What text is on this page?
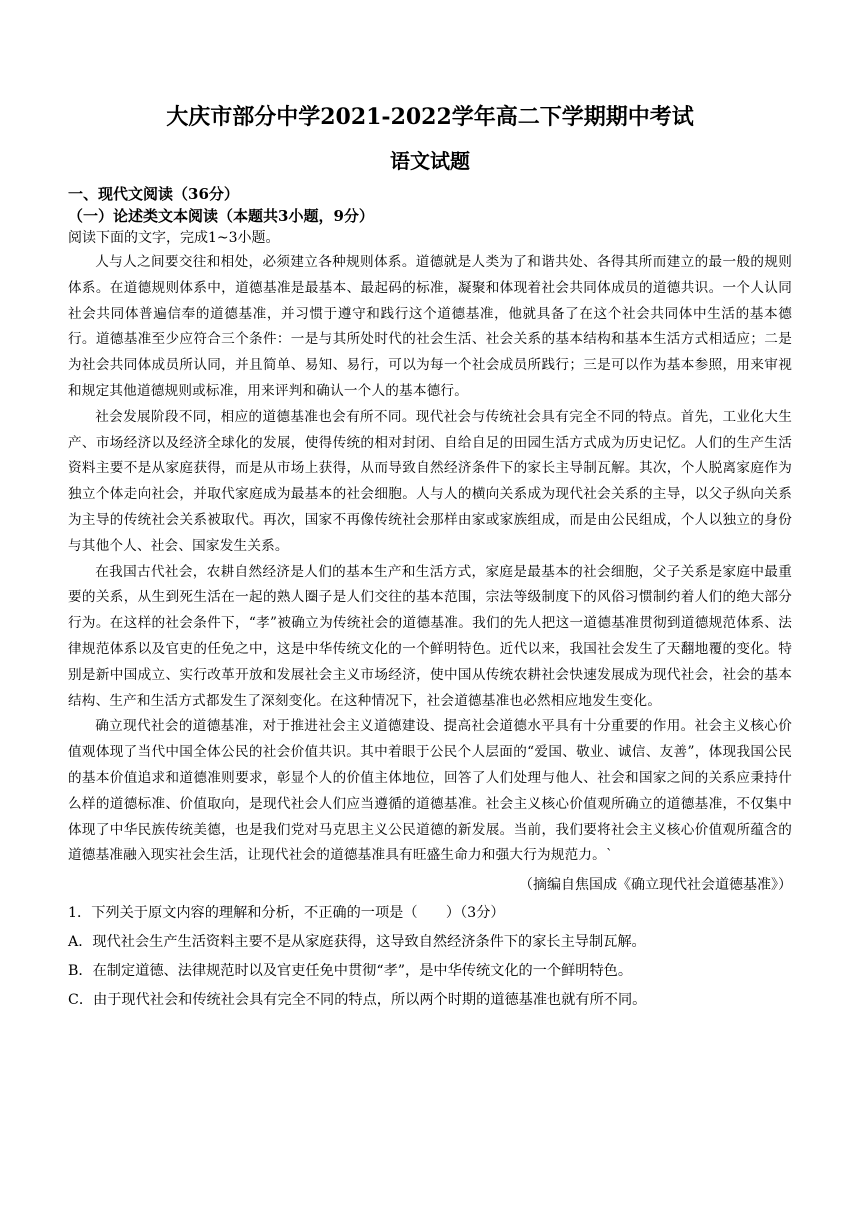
大庆市部分中学2021-2022学年高二下学期期中考试
语文试题

一、现代文阅读（36分）

（一）论述类文本阅读（本题共3小题，9分）

阅读下面的文字，完成1~3小题。

人与人之间要交往和相处，必须建立各种规则体系。道德就是人类为了和谐共处、各得其所而建立的最一般的规则体系。在道德规则体系中，道德基准是最基本、最起码的标准，凝聚和体现着社会共同体成员的道德共识。一个人认同社会共同体普遍信奉的道德基准，并习惯于遵守和践行这个道德基准，他就具备了在这个社会共同体中生活的基本德行。道德基准至少应符合三个条件：一是与其所处时代的社会生活、社会关系的基本结构和基本生活方式相适应；二是为社会共同体成员所认同，并且简单、易知、易行，可以为每一个社会成员所践行；三是可以作为基本参照，用来审视和规定其他道德规则或标准，用来评判和确认一个人的基本德行。

社会发展阶段不同，相应的道德基准也会有所不同。现代社会与传统社会具有完全不同的特点。首先，工业化大生产、市场经济以及经济全球化的发展，使得传统的相对封闭、自给自足的田园生活方式成为历史记忆。人们的生产生活资料主要不是从家庭获得，而是从市场上获得，从而导致自然经济条件下的家长主导制瓦解。其次，个人脱离家庭作为独立个体走向社会，并取代家庭成为最基本的社会细胞。人与人的横向关系成为现代社会关系的主导，以父子纵向关系为主导的传统社会关系被取代。再次，国家不再像传统社会那样由家或家族组成，而是由公民组成，个人以独立的身份与其他个人、社会、国家发生关系。

在我国古代社会，农耕自然经济是人们的基本生产和生活方式，家庭是最基本的社会细胞，父子关系是家庭中最重要的关系，从生到死生活在一起的熟人圈子是人们交往的基本范围，宗法等级制度下的风俗习惯制约着人们的绝大部分行为。在这样的社会条件下，“孝”被确立为传统社会的道德基准。我们的先人把这一道德基准贯彻到道德规范体系、法律规范体系以及官吏的任免之中，这是中华传统文化的一个鲜明特色。近代以来，我国社会发生了天翻地覆的变化。特别是新中国成立、实行改革开放和发展社会主义市场经济，使中国从传统农耕社会快速发展成为现代社会，社会的基本结构、生产和生活方式都发生了深刻变化。在这种情况下，社会道德基准也必然相应地发生变化。

确立现代社会的道德基准，对于推进社会主义道德建设、提高社会道德水平具有十分重要的作用。社会主义核心价值观体现了当代中国全体公民的社会价值共识。其中着眼于公民个人层面的“爱国、敬业、诚信、友善”，体现我国公民的基本价值追求和道德准则要求，彰显个人的价值主体地位，回答了人们处理与他人、社会和国家之间的关系应秉持什么样的道德标准、价值取向，是现代社会人们应当遵循的道德基准。社会主义核心价值观所确立的道德基准，不仅集中体现了中华民族传统美德，也是我们党对马克思主义公民道德的新发展。当前，我们要将社会主义核心价值观所蕴含的道德基准融入现实社会生活，让现代社会的道德基准具有旺盛生命力和强大行为规范力。`

（摘编自焦国成《确立现代社会道德基准》）

1．下列关于原文内容的理解和分析，不正确的一项是（　　）（3分）

A．现代社会生产生活资料主要不是从家庭获得，这导致自然经济条件下的家长主导制瓦解。

B．在制定道德、法律规范时以及官吏任免中贯彻“孝”，是中华传统文化的一个鲜明特色。

C．由于现代社会和传统社会具有完全不同的特点，所以两个时期的道德基准也就有所不同。
